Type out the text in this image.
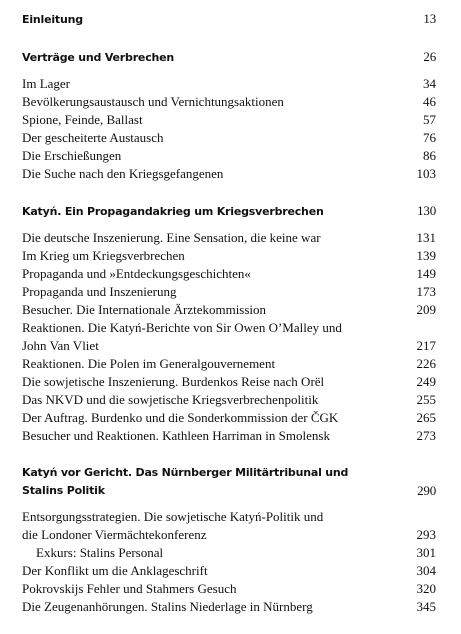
Einleitung	13
Verträge und Verbrechen	26
Im Lager	34
Bevölkerungsaustausch und Vernichtungsaktionen	46
Spione, Feinde, Ballast	57
Der gescheiterte Austausch	76
Die Erschießungen	86
Die Suche nach den Kriegsgefangenen	103
Katyń. Ein Propagandakrieg um Kriegsverbrechen	130
Die deutsche Inszenierung. Eine Sensation, die keine war	131
Im Krieg um Kriegsverbrechen	139
Propaganda und »Entdeckungsgeschichten«	149
Propaganda und Inszenierung	173
Besucher. Die Internationale Ärztekommission	209
Reaktionen. Die Katyń-Berichte von Sir Owen O’Malley und
John Van Vliet	217
Reaktionen. Die Polen im Generalgouvernement	226
Die sowjetische Inszenierung. Burdenkos Reise nach Orël	249
Das NKVD und die sowjetische Kriegsverbrechenpolitik	255
Der Auftrag. Burdenko und die Sonderkommission der ČGK	265
Besucher und Reaktionen. Kathleen Harriman in Smolensk	273
Katyń vor Gericht. Das Nürnberger Militärtribunal und
Stalins Politik	290
Entsorgungsstrategien. Die sowjetische Katyń-Politik und
die Londoner Viermächtekonferenz	293
Exkurs: Stalins Personal	301
Der Konflikt um die Anklageschrift	304
Pokrovskijs Fehler und Stahmers Gesuch	320
Die Zeugenanhörungen. Stalins Niederlage in Nürnberg	345
